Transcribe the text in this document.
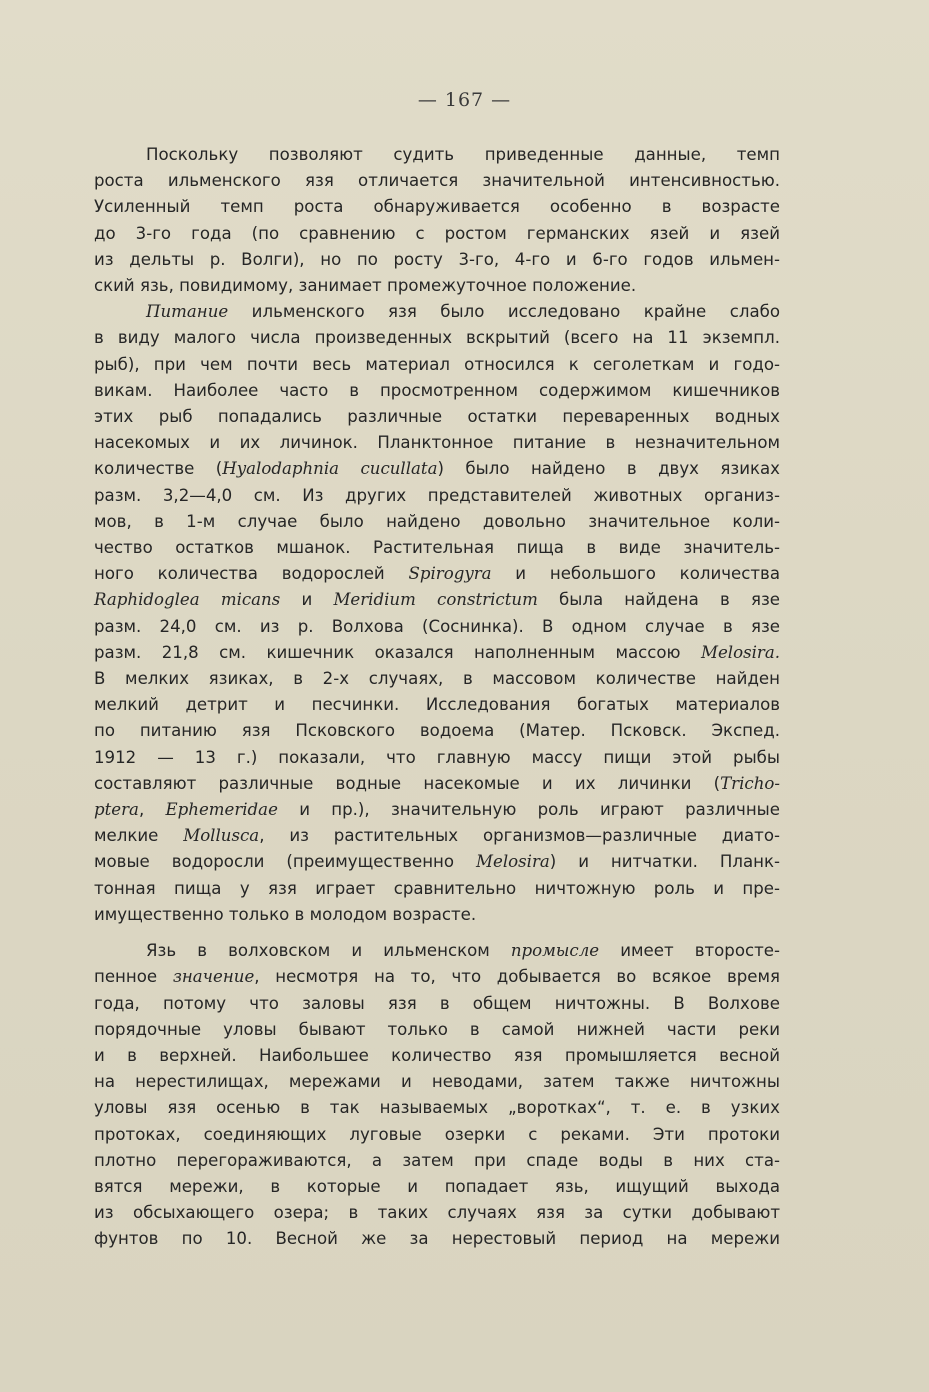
— 167 —
Поскольку позволяют судить приведенные данные, темп
роста ильменского язя отличается значительной интенсивностью.
Усиленный темп роста обнаруживается особенно в возрасте
до 3-го года (по сравнению с ростом германских язей и язей
из дельты р. Волги), но по росту 3-го, 4-го и 6-го годов ильмен-
ский язь, повидимому, занимает промежуточное положение.
Питание ильменского язя было исследовано крайне слабо
в виду малого числа произведенных вскрытий (всего на 11 экземпл.
рыб), при чем почти весь материал относился к сеголеткам и годо-
викам. Наиболее часто в просмотренном содержимом кишечников
этих рыб попадались различные остатки переваренных водных
насекомых и их личинок. Планктонное питание в незначительном
количестве (Hyalodaphnia cucullata) было найдено в двух язиках
разм. 3,2—4,0 см. Из других представителей животных организ-
мов, в 1-м случае было найдено довольно значительное коли-
чество остатков мшанок. Растительная пища в виде значитель-
ного количества водорослей Spirogyra и небольшого количества
Raphidoglea micans и Meridium constrictum была найдена в язе
разм. 24,0 см. из р. Волхова (Соснинка). В одном случае в язе
разм. 21,8 см. кишечник оказался наполненным массою Melosira.
В мелких язиках, в 2-х случаях, в массовом количестве найден
мелкий детрит и песчинки. Исследования богатых материалов
по питанию язя Псковского водоема (Матер. Псковск. Экспед.
1912 — 13 г.) показали, что главную массу пищи этой рыбы
составляют различные водные насекомые и их личинки (Tricho-
ptera, Ephemeridae и пр.), значительную роль играют различные
мелкие Mollusca, из растительных организмов—различные диато-
мовые водоросли (преимущественно Melosira) и нитчатки. Планк-
тонная пища у язя играет сравнительно ничтожную роль и пре-
имущественно только в молодом возрасте.
Язь в волховском и ильменском промысле имеет второсте-
пенное значение, несмотря на то, что добывается во всякое время
года, потому что заловы язя в общем ничтожны. В Волхове
порядочные уловы бывают только в самой нижней части реки
и в верхней. Наибольшее количество язя промышляется весной
на нерестилищах, мережами и неводами, затем также ничтожны
уловы язя осенью в так называемых „воротках“, т. е. в узких
протоках, соединяющих луговые озерки с реками. Эти протоки
плотно перегораживаются, а затем при спаде воды в них ста-
вятся мережи, в которые и попадает язь, ищущий выхода
из обсыхающего озера; в таких случаях язя за сутки добывают
фунтов по 10. Весной же за нерестовый период на мережи
